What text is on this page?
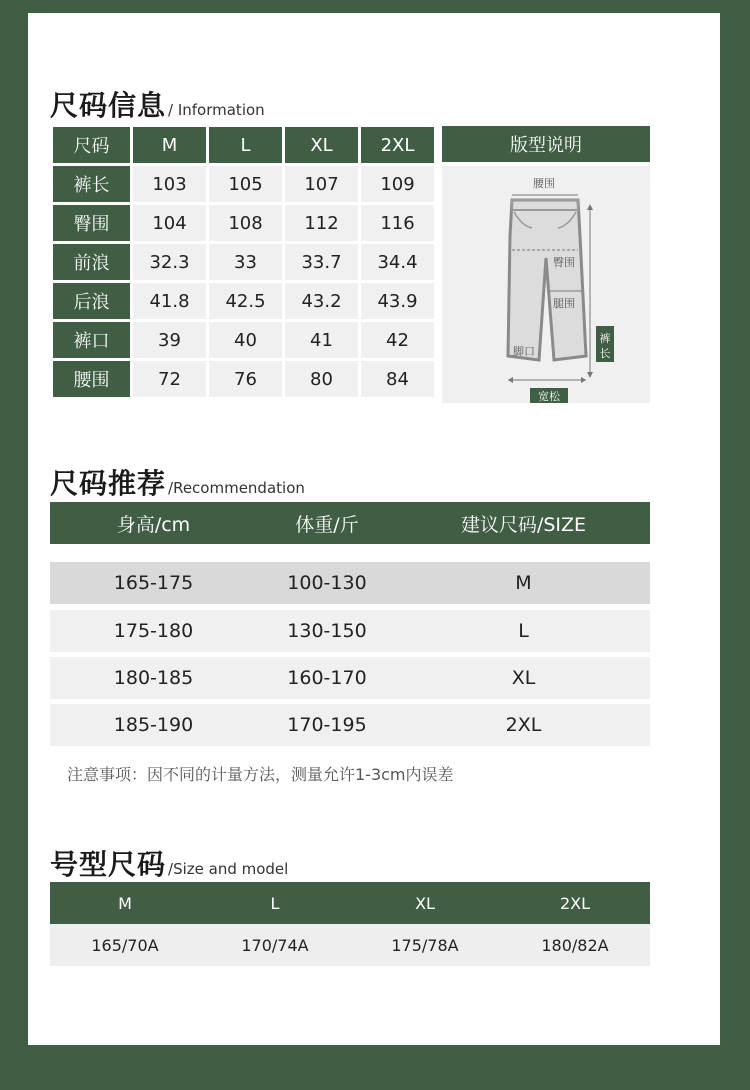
尺码信息 / Information
尺码	M	L	XL	2XL
裤长	103	105	107	109
臀围	104	108	112	116
前浪	32.3	33	33.7	34.4
后浪	41.8	42.5	43.2	43.9
裤口	39	40	41	42
腰围	72	76	80	84
版型说明
腰围
臀围
腿围
脚口
宽松
裤
长
尺码推荐 /Recommendation
身高/cm	体重/斤	建议尺码/SIZE
165-175	100-130	M
175-180	130-150	L
180-185	160-170	XL
185-190	170-195	2XL
注意事项：因不同的计量方法，测量允许1-3cm内误差
号型尺码 /Size and model
M	L	XL	2XL
165/70A	170/74A	175/78A	180/82A
